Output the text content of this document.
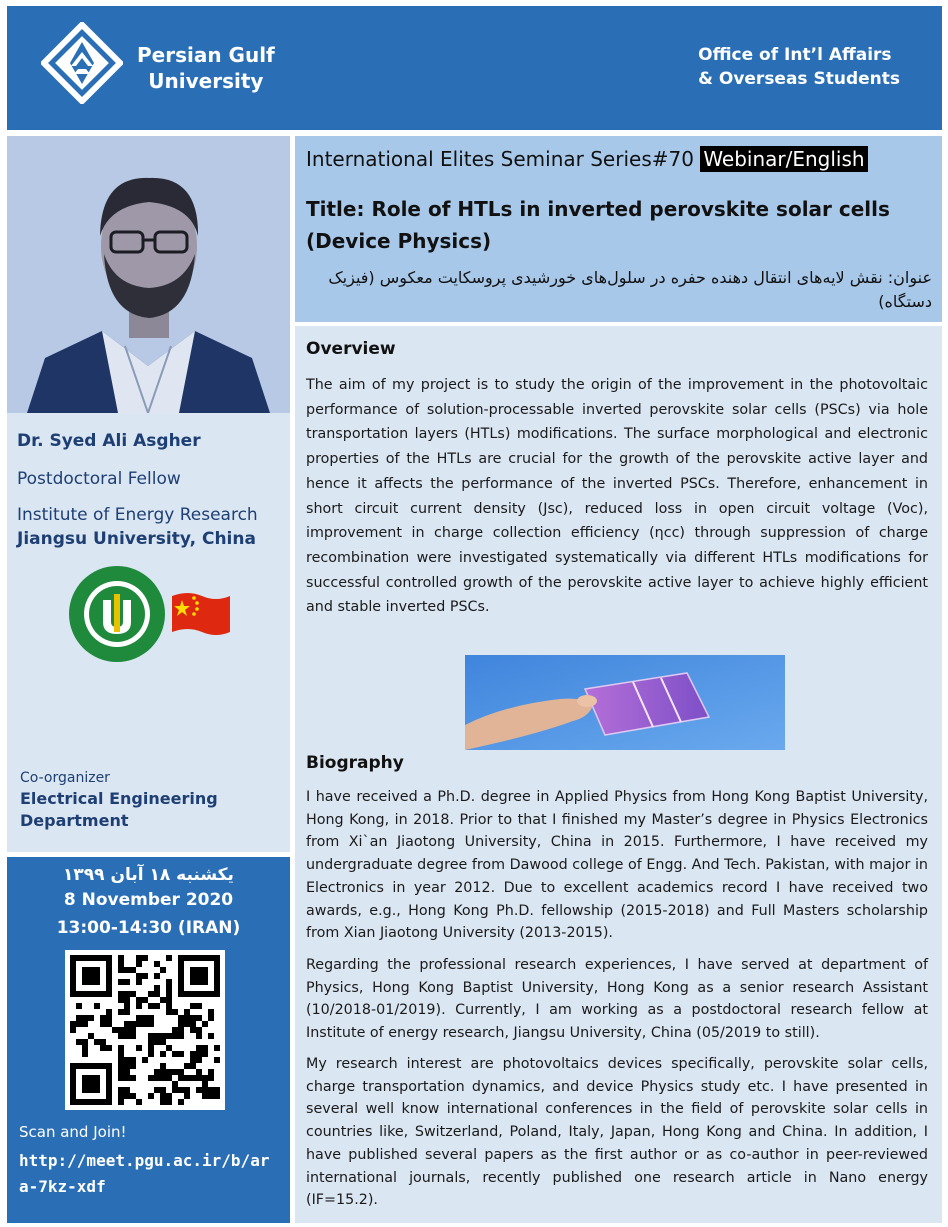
Persian Gulf
University
Office of Int’l Affairs
& Overseas Students
Dr. Syed Ali Asgher
Postdoctoral Fellow
Institute of Energy Research
Jiangsu University, China
Co-organizer
Electrical Engineering
Department
یکشنبه ۱۸ آبان ۱۳۹۹
8 November 2020
13:00-14:30 (IRAN)
Scan and Join!
http://meet.pgu.ac.ir/b/ara-7kz-xdf
International Elites Seminar Series#70 Webinar/English
Title: Role of HTLs in inverted perovskite solar cells (Device Physics)
عنوان: نقش لایه‌های انتقال دهنده حفره در سلول‌های خورشیدی پروسکایت معکوس (فیزیک دستگاه)
Overview
The aim of my project is to study the origin of the improvement in the photovoltaic performance of solution-processable inverted perovskite solar cells (PSCs) via hole transportation layers (HTLs) modifications. The surface morphological and electronic properties of the HTLs are crucial for the growth of the perovskite active layer and hence it affects the performance of the inverted PSCs. Therefore, enhancement in short circuit current density (Jsc), reduced loss in open circuit voltage (Voc), improvement in charge collection efficiency (ηcc) through suppression of charge recombination were investigated systematically via different HTLs modifications for successful controlled growth of the perovskite active layer to achieve highly efficient and stable inverted PSCs.
Biography
I have received a Ph.D. degree in Applied Physics from Hong Kong Baptist University, Hong Kong, in 2018. Prior to that I finished my Master’s degree in Physics Electronics from Xi`an Jiaotong University, China in 2015. Furthermore, I have received my undergraduate degree from Dawood college of Engg. And Tech. Pakistan, with major in Electronics in year 2012. Due to excellent academics record I have received two awards, e.g., Hong Kong Ph.D. fellowship (2015-2018) and Full Masters scholarship from Xian Jiaotong University (2013-2015).
Regarding the professional research experiences, I have served at department of Physics, Hong Kong Baptist University, Hong Kong as a senior research Assistant (10/2018-01/2019). Currently, I am working as a postdoctoral research fellow at Institute of energy research, Jiangsu University, China (05/2019 to still).
My research interest are photovoltaics devices specifically, perovskite solar cells, charge transportation dynamics, and device Physics study etc. I have presented in several well know international conferences in the field of perovskite solar cells in countries like, Switzerland, Poland, Italy, Japan, Hong Kong and China. In addition, I have published several papers as the first author or as co-author in peer-reviewed international journals, recently published one research article in Nano energy (IF=15.2).
